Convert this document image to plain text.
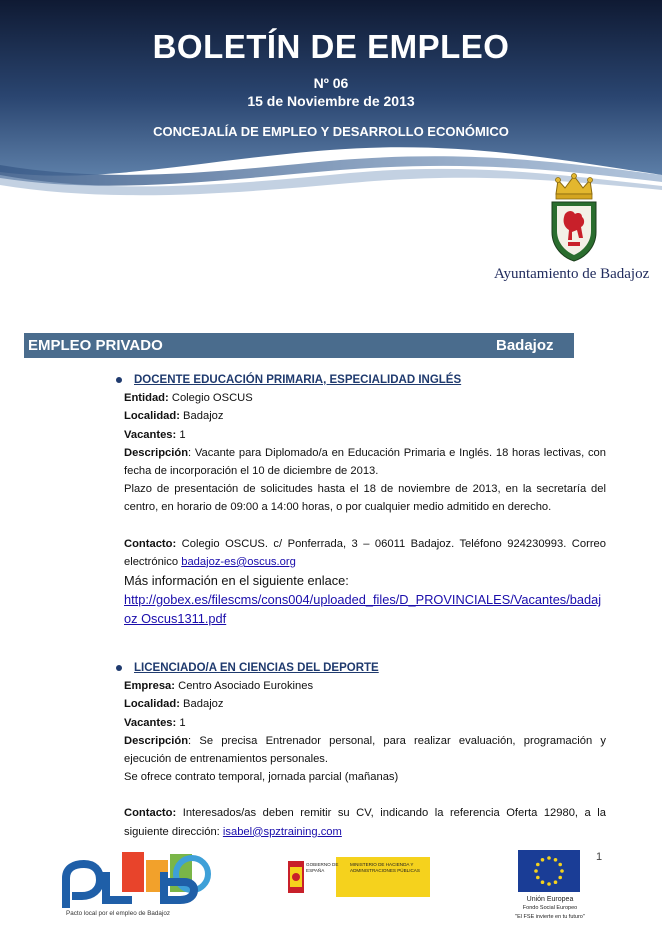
BOLETÍN DE EMPLEO
Nº 06
15 de Noviembre de 2013
CONCEJALÍA DE EMPLEO Y DESARROLLO ECONÓMICO
Ayuntamiento de Badajoz
EMPLEO PRIVADO	Badajoz
DOCENTE EDUCACIÓN PRIMARIA, ESPECIALIDAD INGLÉS
Entidad: Colegio OSCUS
Localidad: Badajoz
Vacantes: 1
Descripción: Vacante para Diplomado/a en Educación Primaria e Inglés. 18 horas lectivas, con fecha de incorporación el 10 de diciembre de 2013.
Plazo de presentación de solicitudes hasta el 18 de noviembre de 2013, en la secretaría del centro, en horario de 09:00 a 14:00 horas, o por cualquier medio admitido en derecho.
Contacto: Colegio OSCUS. c/ Ponferrada, 3 – 06011 Badajoz. Teléfono 924230993. Correo electrónico badajoz-es@oscus.org
Más información en el siguiente enlace:
http://gobex.es/filescms/cons004/uploaded_files/D_PROVINCIALES/Vacantes/badajoz Oscus1311.pdf
LICENCIADO/A EN CIENCIAS DEL DEPORTE
Empresa: Centro Asociado Eurokines
Localidad: Badajoz
Vacantes: 1
Descripción: Se precisa Entrenador personal, para realizar evaluación, programación y ejecución de entrenamientos personales.
Se ofrece contrato temporal, jornada parcial (mañanas)
Contacto: Interesados/as deben remitir su CV, indicando la referencia Oferta 12980, a la siguiente dirección: isabel@spztraining.com
Pacto local por el empleo de Badajoz
GOBIERNO DE ESPAÑA
MINISTERIO DE HACIENDA Y ADMINISTRACIONES PÚBLICAS
Unión Europea
Fondo Social Europeo
"El FSE invierte en tu futuro"
1
